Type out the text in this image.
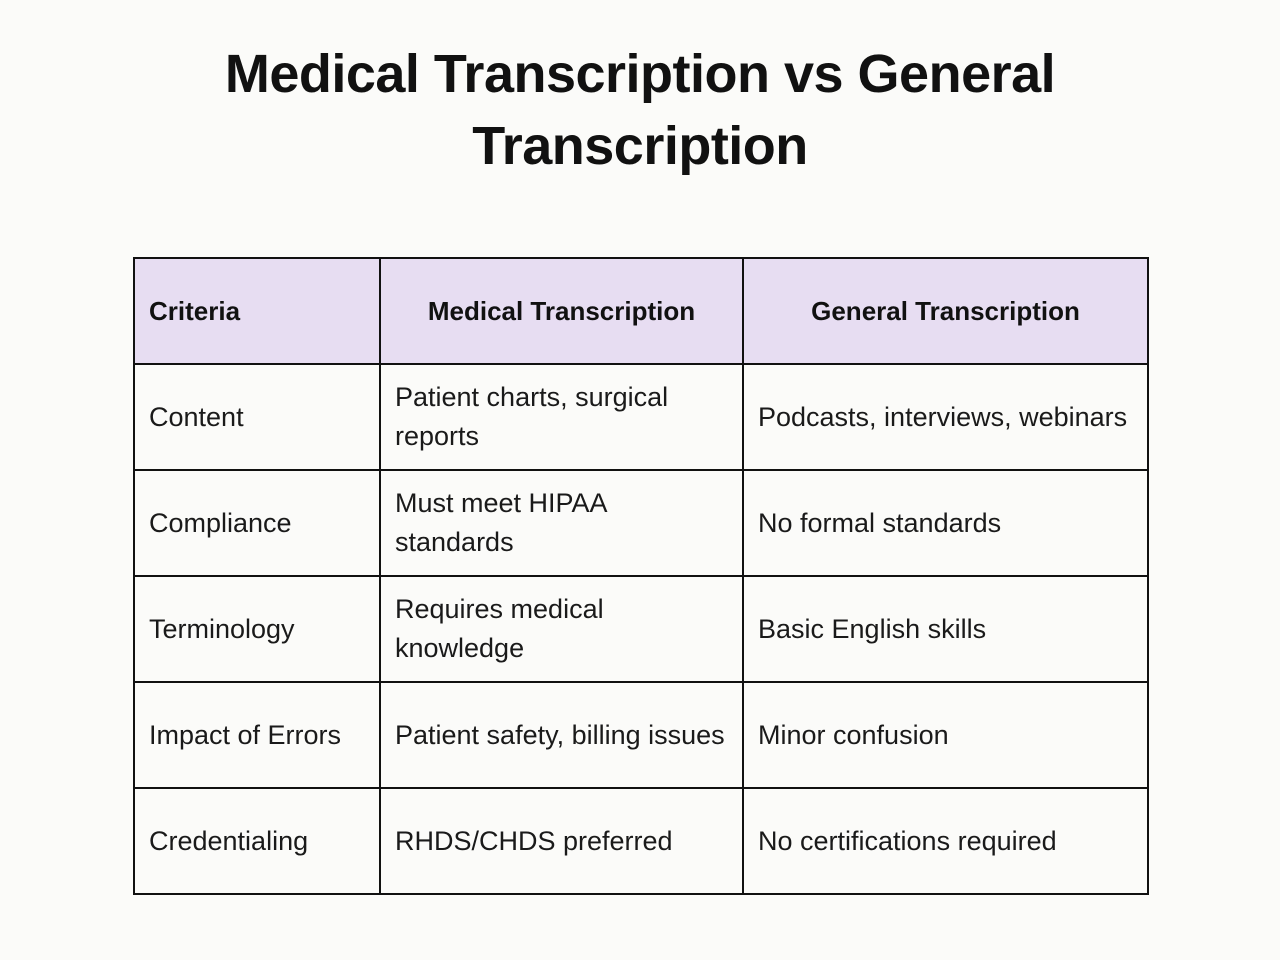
Medical Transcription vs General
Transcription
Criteria	Medical Transcription	General Transcription
Content	Patient charts, surgical reports	Podcasts, interviews, webinars
Compliance	Must meet HIPAA standards	No formal standards
Terminology	Requires medical knowledge	Basic English skills
Impact of Errors	Patient safety, billing issues	Minor confusion
Credentialing	RHDS/CHDS preferred	No certifications required
